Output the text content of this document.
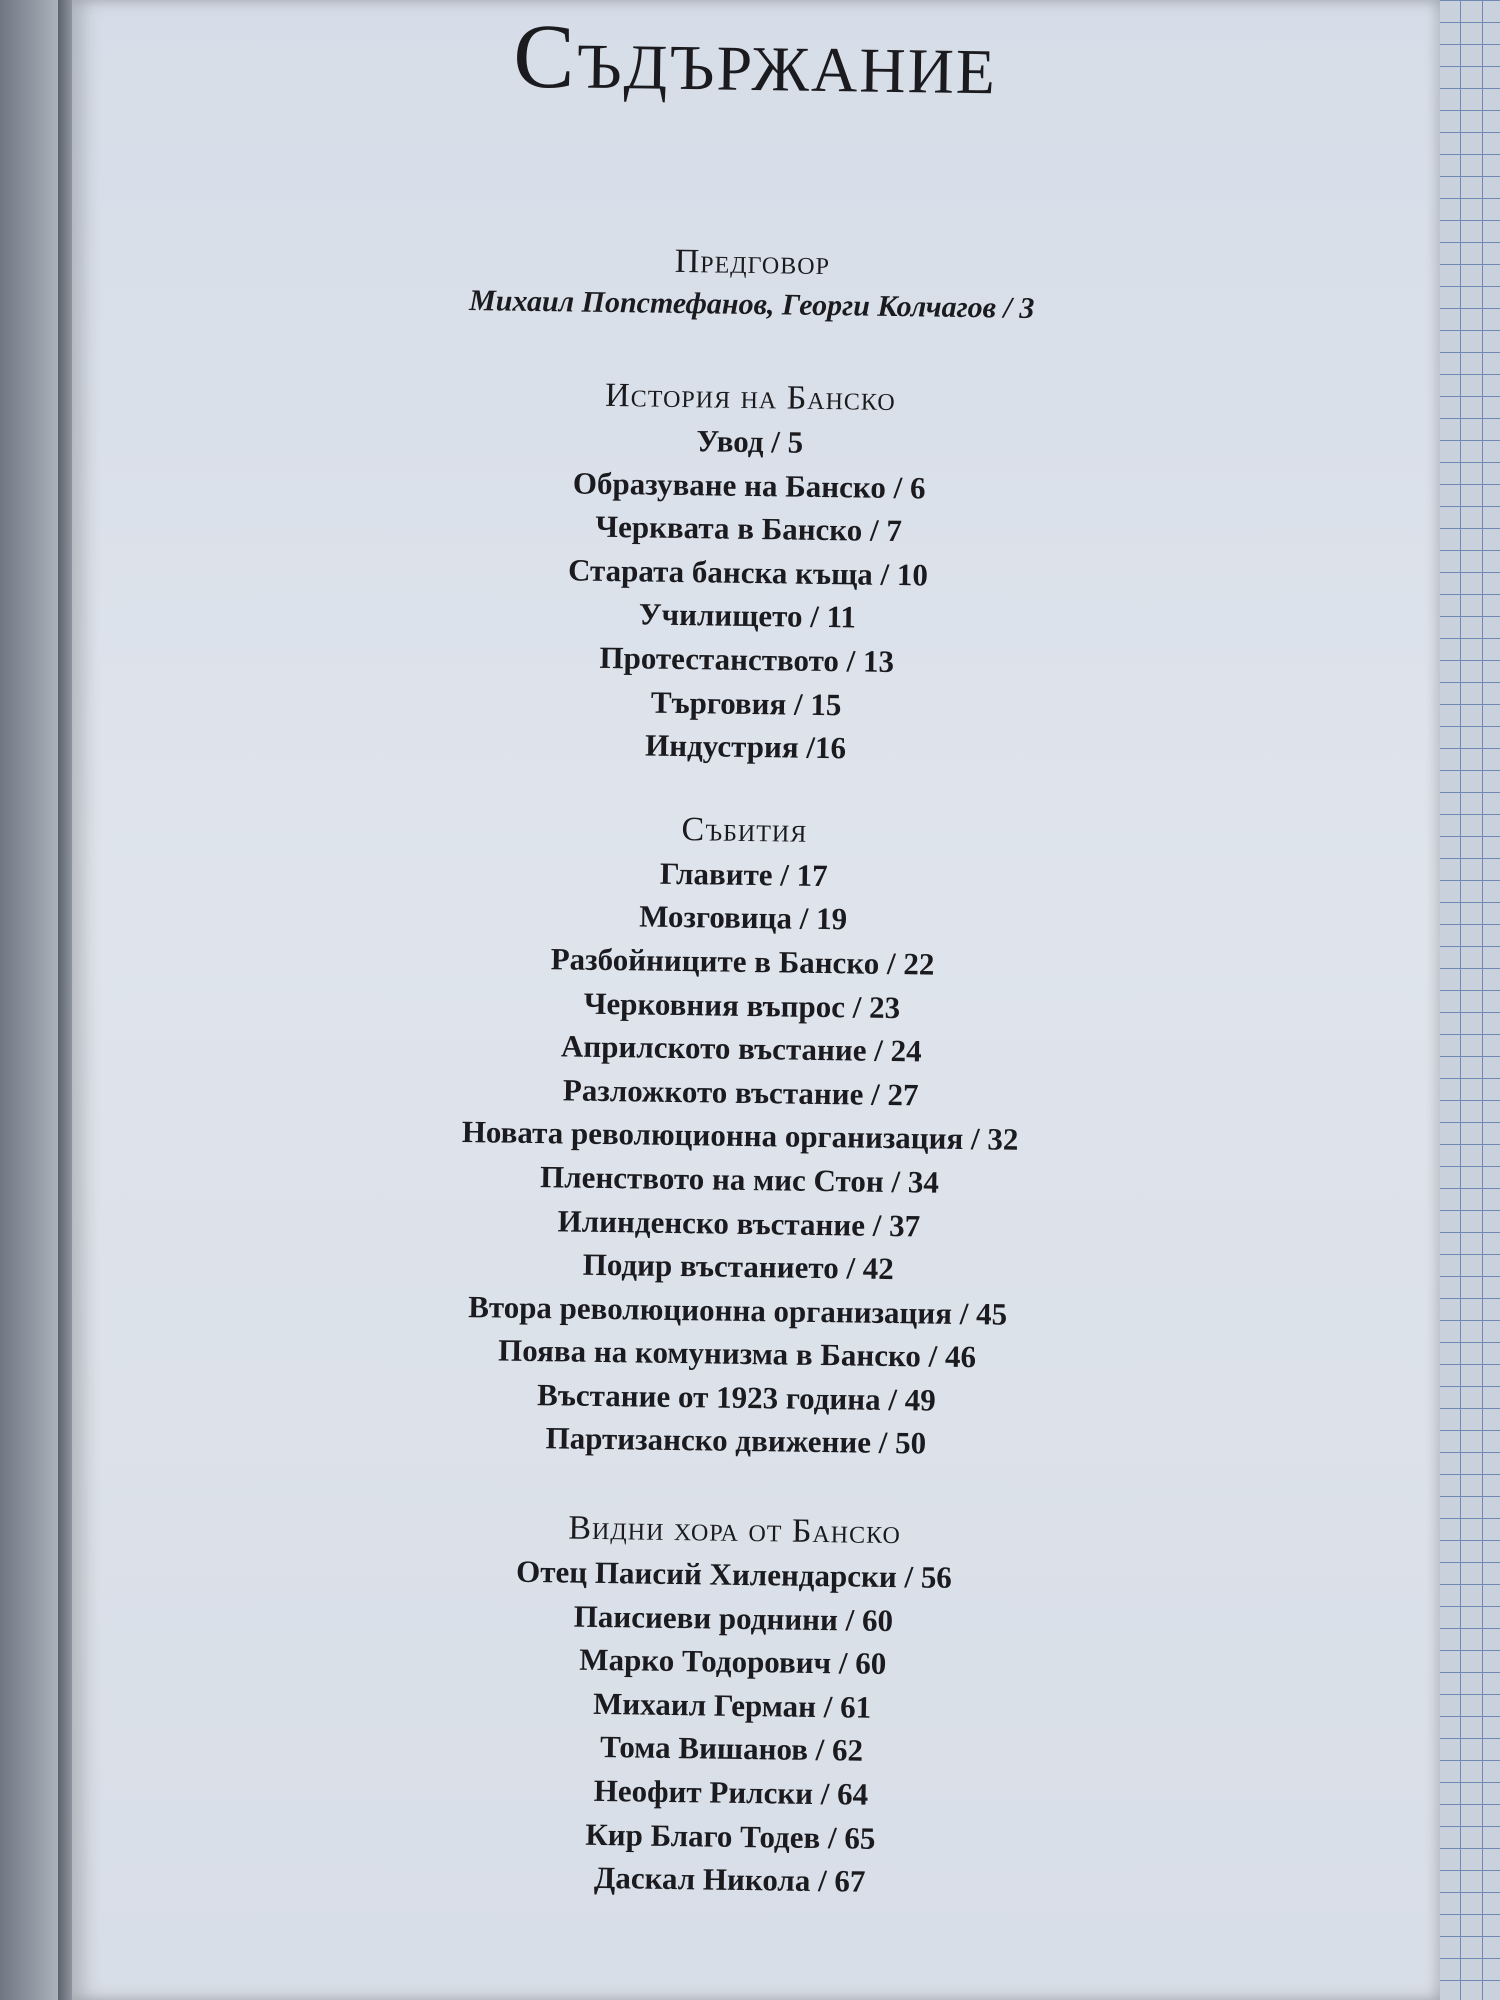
Съдържание

Предговор

Михаил Попстефанов, Георги Колчагов / 3

История на Банско

Увод / 5

Образуване на Банско / 6

Черквата в Банско / 7

Старата банска къща / 10

Училището / 11

Протестанството / 13

Търговия / 15

Индустрия /16

Събития

Главите / 17

Мозговица / 19

Разбойниците в Банско / 22

Черковния въпрос / 23

Априлското въстание / 24

Разложкото въстание / 27

Новата революционна организация / 32

Пленството на мис Стон / 34

Илинденско въстание / 37

Подир въстанието / 42

Втора революционна организация / 45

Поява на комунизма в Банско / 46

Въстание от 1923 година / 49

Партизанско движение / 50

Видни хора от Банско

Отец Паисий Хилендарски / 56

Паисиеви роднини / 60

Марко Тодорович / 60

Михаил Герман / 61

Тома Вишанов / 62

Неофит Рилски / 64

Кир Благо Тодев / 65

Даскал Никола / 67
